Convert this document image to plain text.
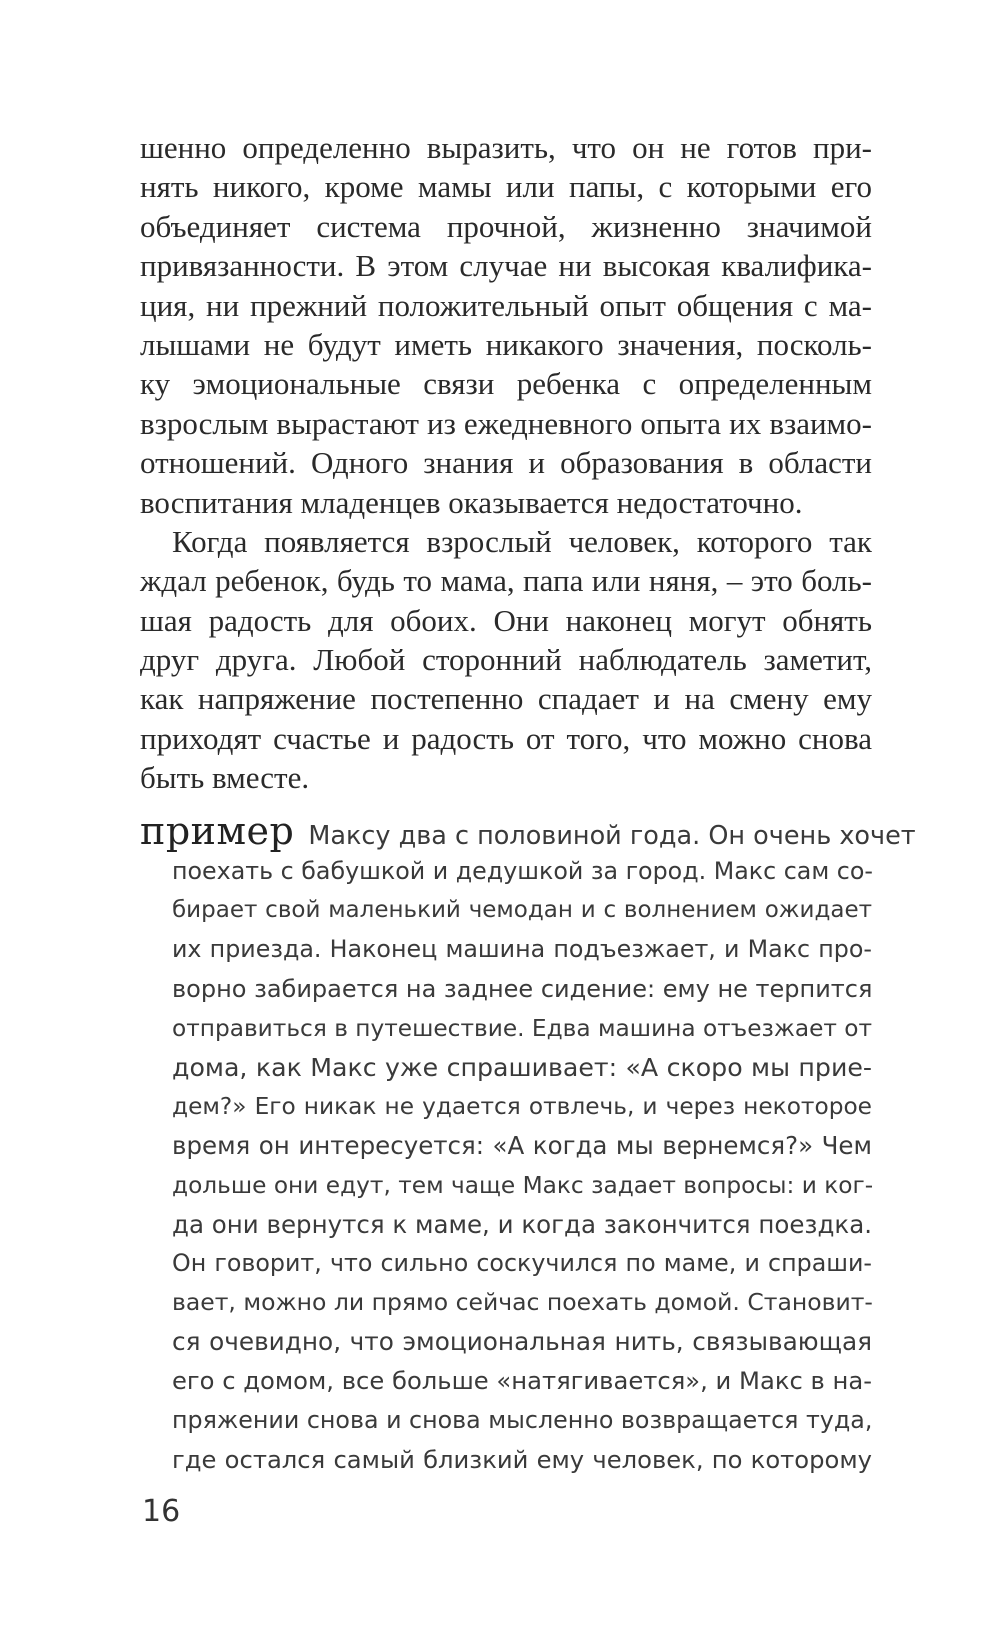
шенно определенно выразить, что он не готов при-
нять никого, кроме мамы или папы, с которыми его
объединяет система прочной, жизненно значимой
привязанности. В этом случае ни высокая квалифика-
ция, ни прежний положительный опыт общения с ма-
лышами не будут иметь никакого значения, посколь-
ку эмоциональные связи ребенка с определенным
взрослым вырастают из ежедневного опыта их взаимо-
отношений. Одного знания и образования в области
воспитания младенцев оказывается недостаточно.
Когда появляется взрослый человек, которого так
ждал ребенок, будь то мама, папа или няня, – это боль-
шая радость для обоих. Они наконец могут обнять
друг друга. Любой сторонний наблюдатель заметит,
как напряжение постепенно спадает и на смену ему
приходят счастье и радость от того, что можно снова
быть вместе.
пример Максу два с половиной года. Он очень хочет
поехать с бабушкой и дедушкой за город. Макс сам со-
бирает свой маленький чемодан и с волнением ожидает
их приезда. Наконец машина подъезжает, и Макс про-
ворно забирается на заднее сидение: ему не терпится
отправиться в путешествие. Едва машина отъезжает от
дома, как Макс уже спрашивает: «А скоро мы прие-
дем?» Его никак не удается отвлечь, и через некоторое
время он интересуется: «А когда мы вернемся?» Чем
дольше они едут, тем чаще Макс задает вопросы: и ког-
да они вернутся к маме, и когда закончится поездка.
Он говорит, что сильно соскучился по маме, и спраши-
вает, можно ли прямо сейчас поехать домой. Становит-
ся очевидно, что эмоциональная нить, связывающая
его с домом, все больше «натягивается», и Макс в на-
пряжении снова и снова мысленно возвращается туда,
где остался самый близкий ему человек, по которому
16
